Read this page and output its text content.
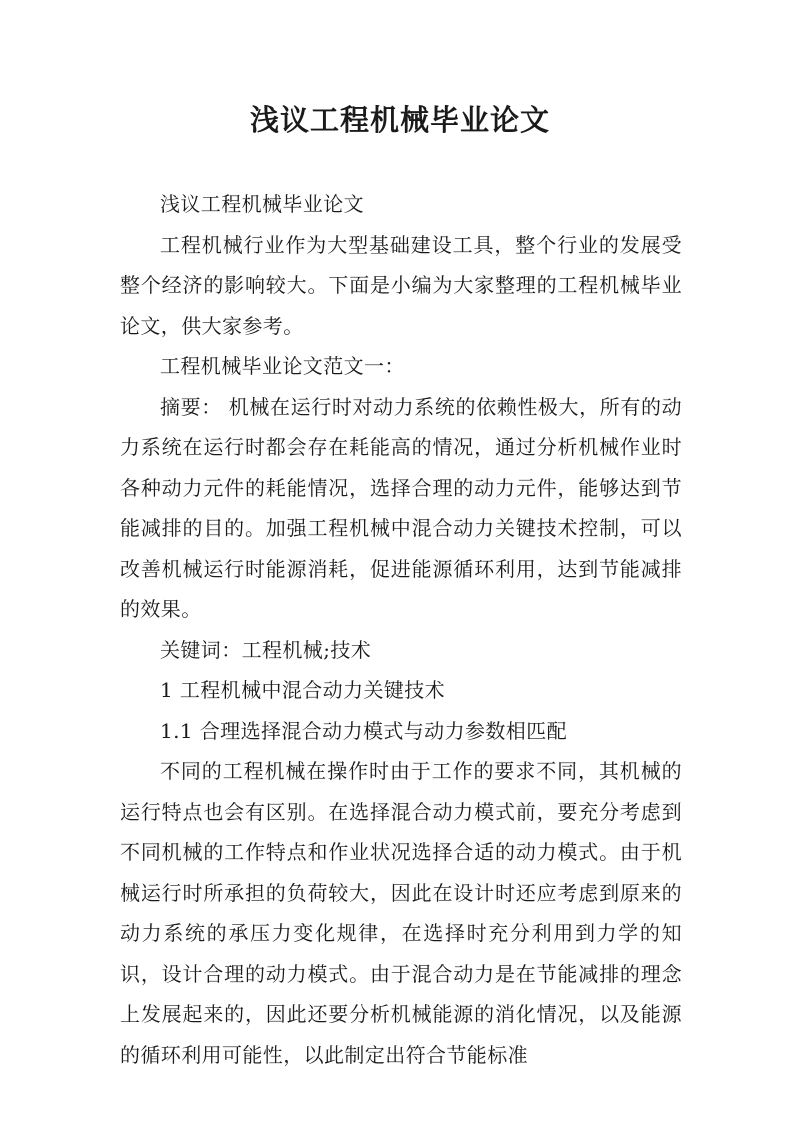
浅议工程机械毕业论文

浅议工程机械毕业论文

工程机械行业作为大型基础建设工具，整个行业的发展受整个经济的影响较大。下面是小编为大家整理的工程机械毕业论文，供大家参考。

工程机械毕业论文范文一：

摘要： 机械在运行时对动力系统的依赖性极大，所有的动力系统在运行时都会存在耗能高的情况，通过分析机械作业时各种动力元件的耗能情况，选择合理的动力元件，能够达到节能减排的目的。加强工程机械中混合动力关键技术控制，可以改善机械运行时能源消耗，促进能源循环利用，达到节能减排的效果。

关键词：工程机械;技术

1 工程机械中混合动力关键技术

1.1 合理选择混合动力模式与动力参数相匹配

不同的工程机械在操作时由于工作的要求不同，其机械的运行特点也会有区别。在选择混合动力模式前，要充分考虑到不同机械的工作特点和作业状况选择合适的动力模式。由于机械运行时所承担的负荷较大，因此在设计时还应考虑到原来的动力系统的承压力变化规律，在选择时充分利用到力学的知识，设计合理的动力模式。由于混合动力是在节能减排的理念上发展起来的，因此还要分析机械能源的消化情况，以及能源的循环利用可能性，以此制定出符合节能标准
